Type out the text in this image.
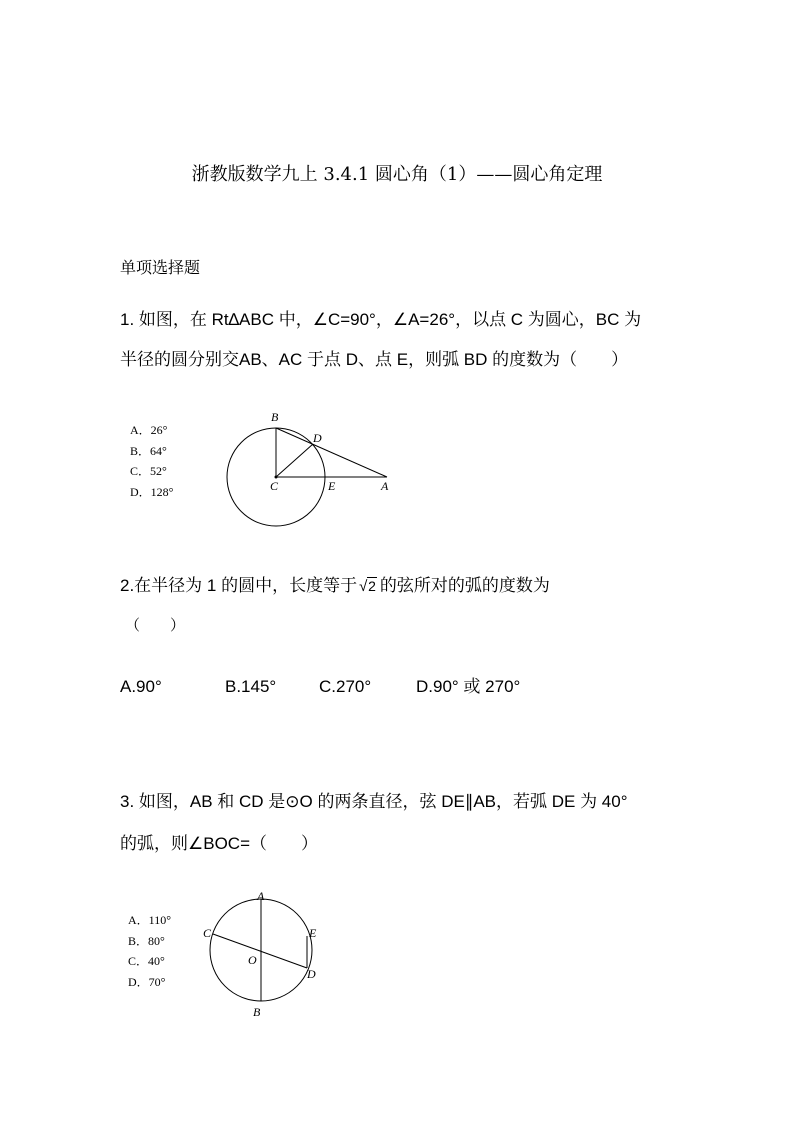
浙教版数学九上 3.4.1 圆心角（1）——圆心角定理
单项选择题
1. 如图，在 Rt∆ABC 中，∠C=90°，∠A=26°，以点 C 为圆心，BC 为
半径的圆分别交AB、AC 于点 D、点 E，则弧 BD 的度数为（　　）
A．26°
B．64°
C．52°
D．128°
B
D
C	E	A
2.在半径为 1 的圆中，长度等于 √ 2 的弦所对的弧的度数为
（　　）
A.90°	B.145°	C.270°	D.90° 或 270°
3. 如图，AB 和 CD 是⊙O 的两条直径，弦 DE∥AB，若弧 DE 为 40°
的弧，则∠BOC=（　　）
A．110°
B．80°
C．40°
D．70°
A
C	E
O
D
B
